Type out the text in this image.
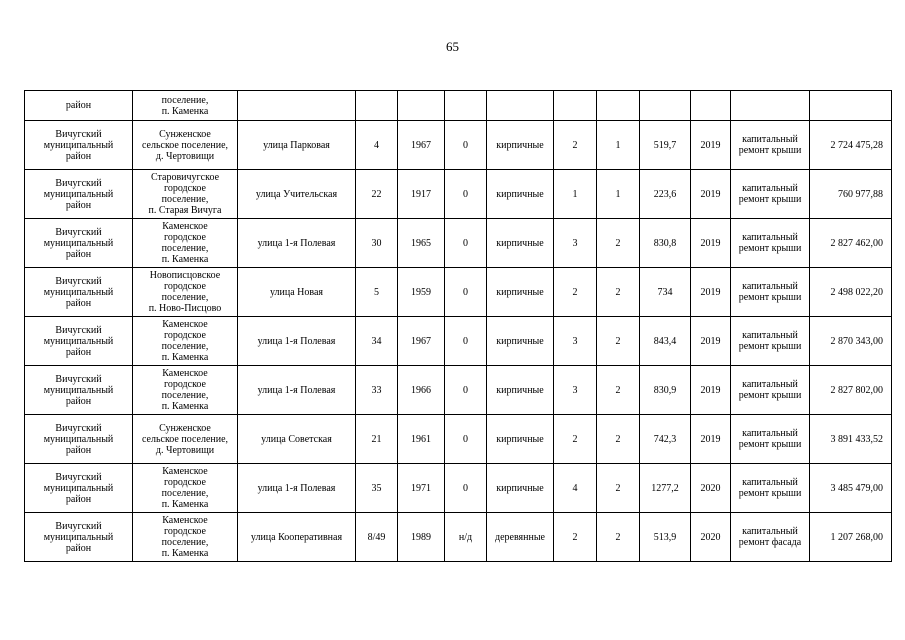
65
район	поселение,
п. Каменка											
Вичугский
муниципальный
район	Сунженское
сельское поселение,
д. Чертовищи	улица Парковая	4	1967	0	кирпичные	2	1	519,7	2019	капитальный
ремонт крыши	2 724 475,28
Вичугский
муниципальный
район	Старовичугское
городское
поселение,
п. Старая Вичуга	улица Учительская	22	1917	0	кирпичные	1	1	223,6	2019	капитальный
ремонт крыши	760 977,88
Вичугский
муниципальный
район	Каменское
городское
поселение,
п. Каменка	улица 1-я Полевая	30	1965	0	кирпичные	3	2	830,8	2019	капитальный
ремонт крыши	2 827 462,00
Вичугский
муниципальный
район	Новописцовское
городское
поселение,
п. Ново-Писцово	улица Новая	5	1959	0	кирпичные	2	2	734	2019	капитальный
ремонт крыши	2 498 022,20
Вичугский
муниципальный
район	Каменское
городское
поселение,
п. Каменка	улица 1-я Полевая	34	1967	0	кирпичные	3	2	843,4	2019	капитальный
ремонт крыши	2 870 343,00
Вичугский
муниципальный
район	Каменское
городское
поселение,
п. Каменка	улица 1-я Полевая	33	1966	0	кирпичные	3	2	830,9	2019	капитальный
ремонт крыши	2 827 802,00
Вичугский
муниципальный
район	Сунженское
сельское поселение,
д. Чертовищи	улица Советская	21	1961	0	кирпичные	2	2	742,3	2019	капитальный
ремонт крыши	3 891 433,52
Вичугский
муниципальный
район	Каменское
городское
поселение,
п. Каменка	улица 1-я Полевая	35	1971	0	кирпичные	4	2	1277,2	2020	капитальный
ремонт крыши	3 485 479,00
Вичугский
муниципальный
район	Каменское
городское
поселение,
п. Каменка	улица Кооперативная	8/49	1989	н/д	деревянные	2	2	513,9	2020	капитальный
ремонт фасада	1 207 268,00
